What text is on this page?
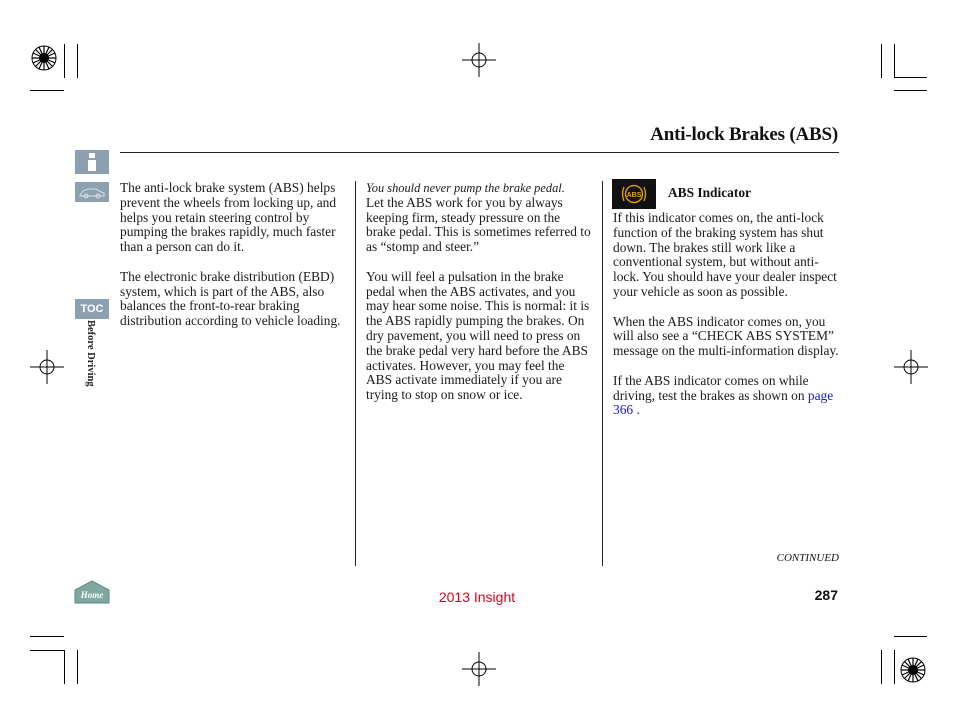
Anti-lock Brakes (ABS)
TOC
Before Driving
Home

The anti-lock brake system (ABS) helps prevent the wheels from locking up, and helps you retain steering control by pumping the brakes rapidly, much faster than a person can do it.

The electronic brake distribution (EBD) system, which is part of the ABS, also balances the front-to-rear braking distribution according to vehicle loading.

You should never pump the brake pedal.
Let the ABS work for you by always keeping firm, steady pressure on the brake pedal. This is sometimes referred to as “stomp and steer.”

You will feel a pulsation in the brake pedal when the ABS activates, and you may hear some noise. This is normal: it is the ABS rapidly pumping the brakes. On dry pavement, you will need to press on the brake pedal very hard before the ABS activates. However, you may feel the ABS activate immediately if you are trying to stop on snow or ice.

ABS ABS Indicator

If this indicator comes on, the anti-lock function of the braking system has shut down. The brakes still work like a conventional system, but without anti-lock. You should have your dealer inspect your vehicle as soon as possible.

When the ABS indicator comes on, you will also see a “CHECK ABS SYSTEM” message on the multi-information display.

If the ABS indicator comes on while driving, test the brakes as shown on page 366 .

CONTINUED
2013 Insight	287
